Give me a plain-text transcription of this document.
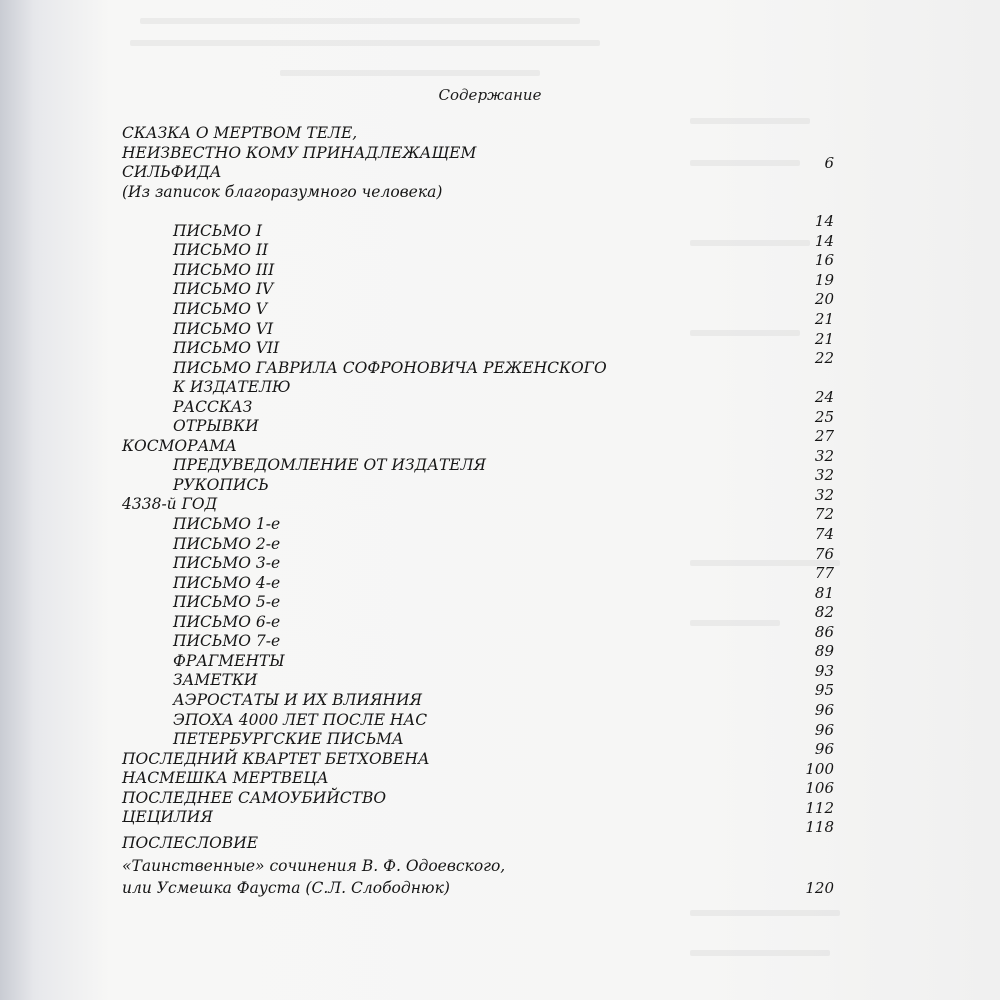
Содержание
СКАЗКА О МЕРТВОМ ТЕЛЕ,
НЕИЗВЕСТНО КОМУ ПРИНАДЛЕЖАЩЕМ
6
СИЛЬФИДА
(Из записок благоразумного человека)
14
ПИСЬМО I
14
ПИСЬМО II
16
ПИСЬМО III
19
ПИСЬМО IV
20
ПИСЬМО V
21
ПИСЬМО VI
21
ПИСЬМО VII
22
ПИСЬМО ГАВРИЛА СОФРОНОВИЧА РЕЖЕНСКОГО
К ИЗДАТЕЛЮ
24
РАССКАЗ
25
ОТРЫВКИ
27
КОСМОРАМА
32
ПРЕДУВЕДОМЛЕНИЕ ОТ ИЗДАТЕЛЯ
32
РУКОПИСЬ
32
4338-й ГОД
72
ПИСЬМО 1-е
74
ПИСЬМО 2-е
76
ПИСЬМО 3-е
77
ПИСЬМО 4-е
81
ПИСЬМО 5-е
82
ПИСЬМО 6-е
86
ПИСЬМО 7-е
89
ФРАГМЕНТЫ
93
ЗАМЕТКИ
95
АЭРОСТАТЫ И ИХ ВЛИЯНИЯ
96
ЭПОХА 4000 ЛЕТ ПОСЛЕ НАС
96
ПЕТЕРБУРГСКИЕ ПИСЬМА
96
ПОСЛЕДНИЙ КВАРТЕТ БЕТХОВЕНА
100
НАСМЕШКА МЕРТВЕЦА
106
ПОСЛЕДНЕЕ САМОУБИЙСТВО
112
ЦЕЦИЛИЯ
118
ПОСЛЕСЛОВИЕ
«Таинственные» сочинения В. Ф. Одоевского,
или Усмешка Фауста (С.Л. Слободнюк)	120
